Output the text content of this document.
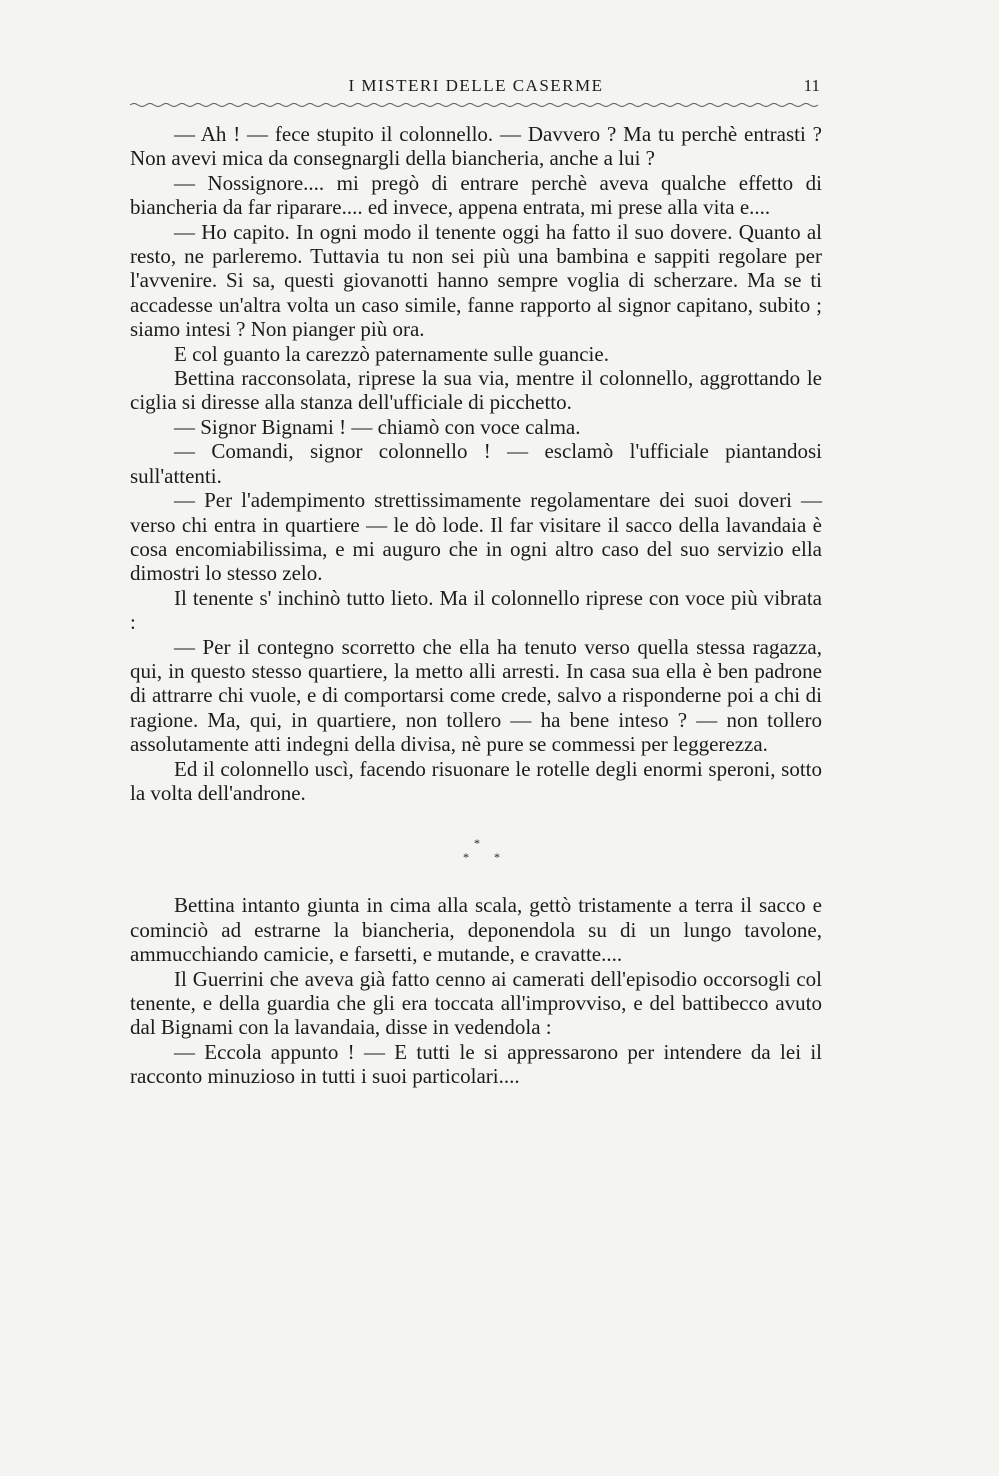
I MISTERI DELLE CASERME	11

— Ah ! — fece stupito il colonnello. — Davvero ? Ma tu perchè entrasti ? Non avevi mica da consegnargli della biancheria, anche a lui ?

— Nossignore.... mi pregò di entrare perchè aveva qualche effetto di biancheria da far riparare.... ed invece, appena entrata, mi prese alla vita e....

— Ho capito. In ogni modo il tenente oggi ha fatto il suo dovere. Quanto al resto, ne parleremo. Tuttavia tu non sei più una bambina e sappiti regolare per l'avvenire. Si sa, questi giovanotti hanno sempre voglia di scherzare. Ma se ti accadesse un'altra volta un caso simile, fanne rapporto al signor capitano, subito ; siamo intesi ? Non pianger più ora.

E col guanto la carezzò paternamente sulle guancie.

Bettina racconsolata, riprese la sua via, mentre il colonnello, aggrottando le ciglia si diresse alla stanza dell'ufficiale di picchetto.

— Signor Bignami ! — chiamò con voce calma.

— Comandi, signor colonnello ! — esclamò l'ufficiale piantandosi sull'attenti.

— Per l'adempimento strettissimamente regolamentare dei suoi doveri — verso chi entra in quartiere — le dò lode. Il far visitare il sacco della lavandaia è cosa encomiabilissima, e mi auguro che in ogni altro caso del suo servizio ella dimostri lo stesso zelo.

Il tenente s' inchinò tutto lieto. Ma il colonnello riprese con voce più vibrata :

— Per il contegno scorretto che ella ha tenuto verso quella stessa ragazza, qui, in questo stesso quartiere, la metto alli arresti. In casa sua ella è ben padrone di attrarre chi vuole, e di comportarsi come crede, salvo a risponderne poi a chi di ragione. Ma, qui, in quartiere, non tollero — ha bene inteso ? — non tollero assolutamente atti indegni della divisa, nè pure se commessi per leggerezza.

Ed il colonnello uscì, facendo risuonare le rotelle degli enormi speroni, sotto la volta dell'androne.

*
* *

Bettina intanto giunta in cima alla scala, gettò tristamente a terra il sacco e cominciò ad estrarne la biancheria, deponendola su di un lungo tavolone, ammucchiando camicie, e farsetti, e mutande, e cravatte....

Il Guerrini che aveva già fatto cenno ai camerati dell'episodio occorsogli col tenente, e della guardia che gli era toccata all'improvviso, e del battibecco avuto dal Bignami con la lavandaia, disse in vedendola :

— Eccola appunto ! — E tutti le si appressarono per intendere da lei il racconto minuzioso in tutti i suoi particolari....
